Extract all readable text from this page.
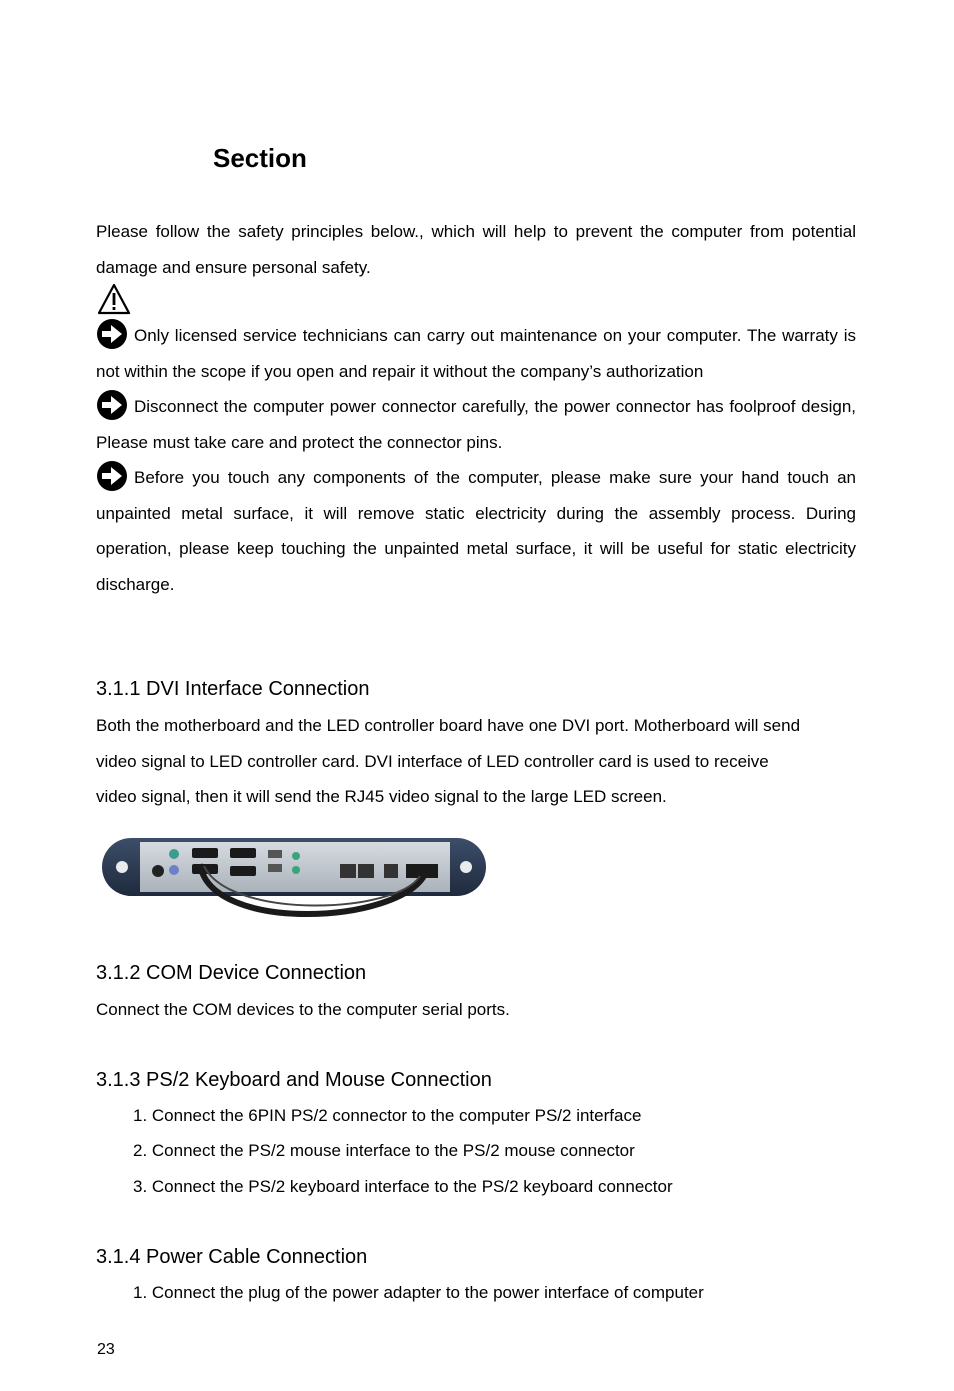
Section
Please follow the safety principles below., which will help to prevent the computer from potential damage and ensure personal safety.
Only licensed service technicians can carry out maintenance on your computer. The warraty is not within the scope if you open and repair it without the company’s authorization
Disconnect the computer power connector carefully, the power connector has foolproof design, Please must take care and protect the connector pins.
Before you touch any components of the computer, please make sure your hand touch an unpainted metal surface, it will remove static electricity during the assembly process. During operation, please keep touching the unpainted metal surface, it will be useful for static electricity discharge.
3.1.1 DVI Interface Connection
Both the motherboard and the LED controller board have one DVI port. Motherboard will send
video signal to LED controller card. DVI interface of LED controller card is used to receive
video signal, then it will send the RJ45 video signal to the large LED screen.
3.1.2 COM Device Connection
Connect the COM devices to the computer serial ports.
3.1.3 PS/2 Keyboard and Mouse Connection
1. Connect the 6PIN PS/2 connector to the computer PS/2 interface
2. Connect the PS/2 mouse interface to the PS/2 mouse connector
3. Connect the PS/2 keyboard interface to the PS/2 keyboard connector
3.1.4 Power Cable Connection
1. Connect the plug of the power adapter to the power interface of computer
23
